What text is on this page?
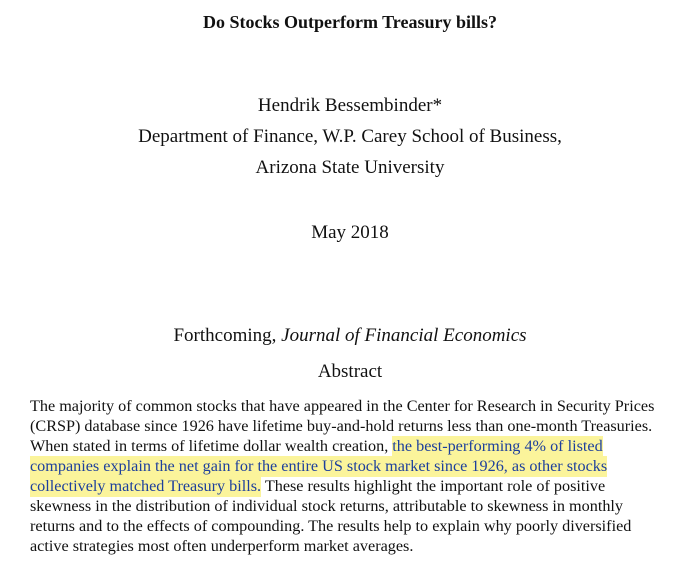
Do Stocks Outperform Treasury bills?
Hendrik Bessembinder*
Department of Finance, W.P. Carey School of Business,
Arizona State University
May 2018
Forthcoming, Journal of Financial Economics
Abstract
The majority of common stocks that have appeared in the Center for Research in Security Prices
(CRSP) database since 1926 have lifetime buy-and-hold returns less than one-month Treasuries.
When stated in terms of lifetime dollar wealth creation, the best-performing 4% of listed
companies explain the net gain for the entire US stock market since 1926, as other stocks
collectively matched Treasury bills. These results highlight the important role of positive
skewness in the distribution of individual stock returns, attributable to skewness in monthly
returns and to the effects of compounding. The results help to explain why poorly diversified
active strategies most often underperform market averages.
